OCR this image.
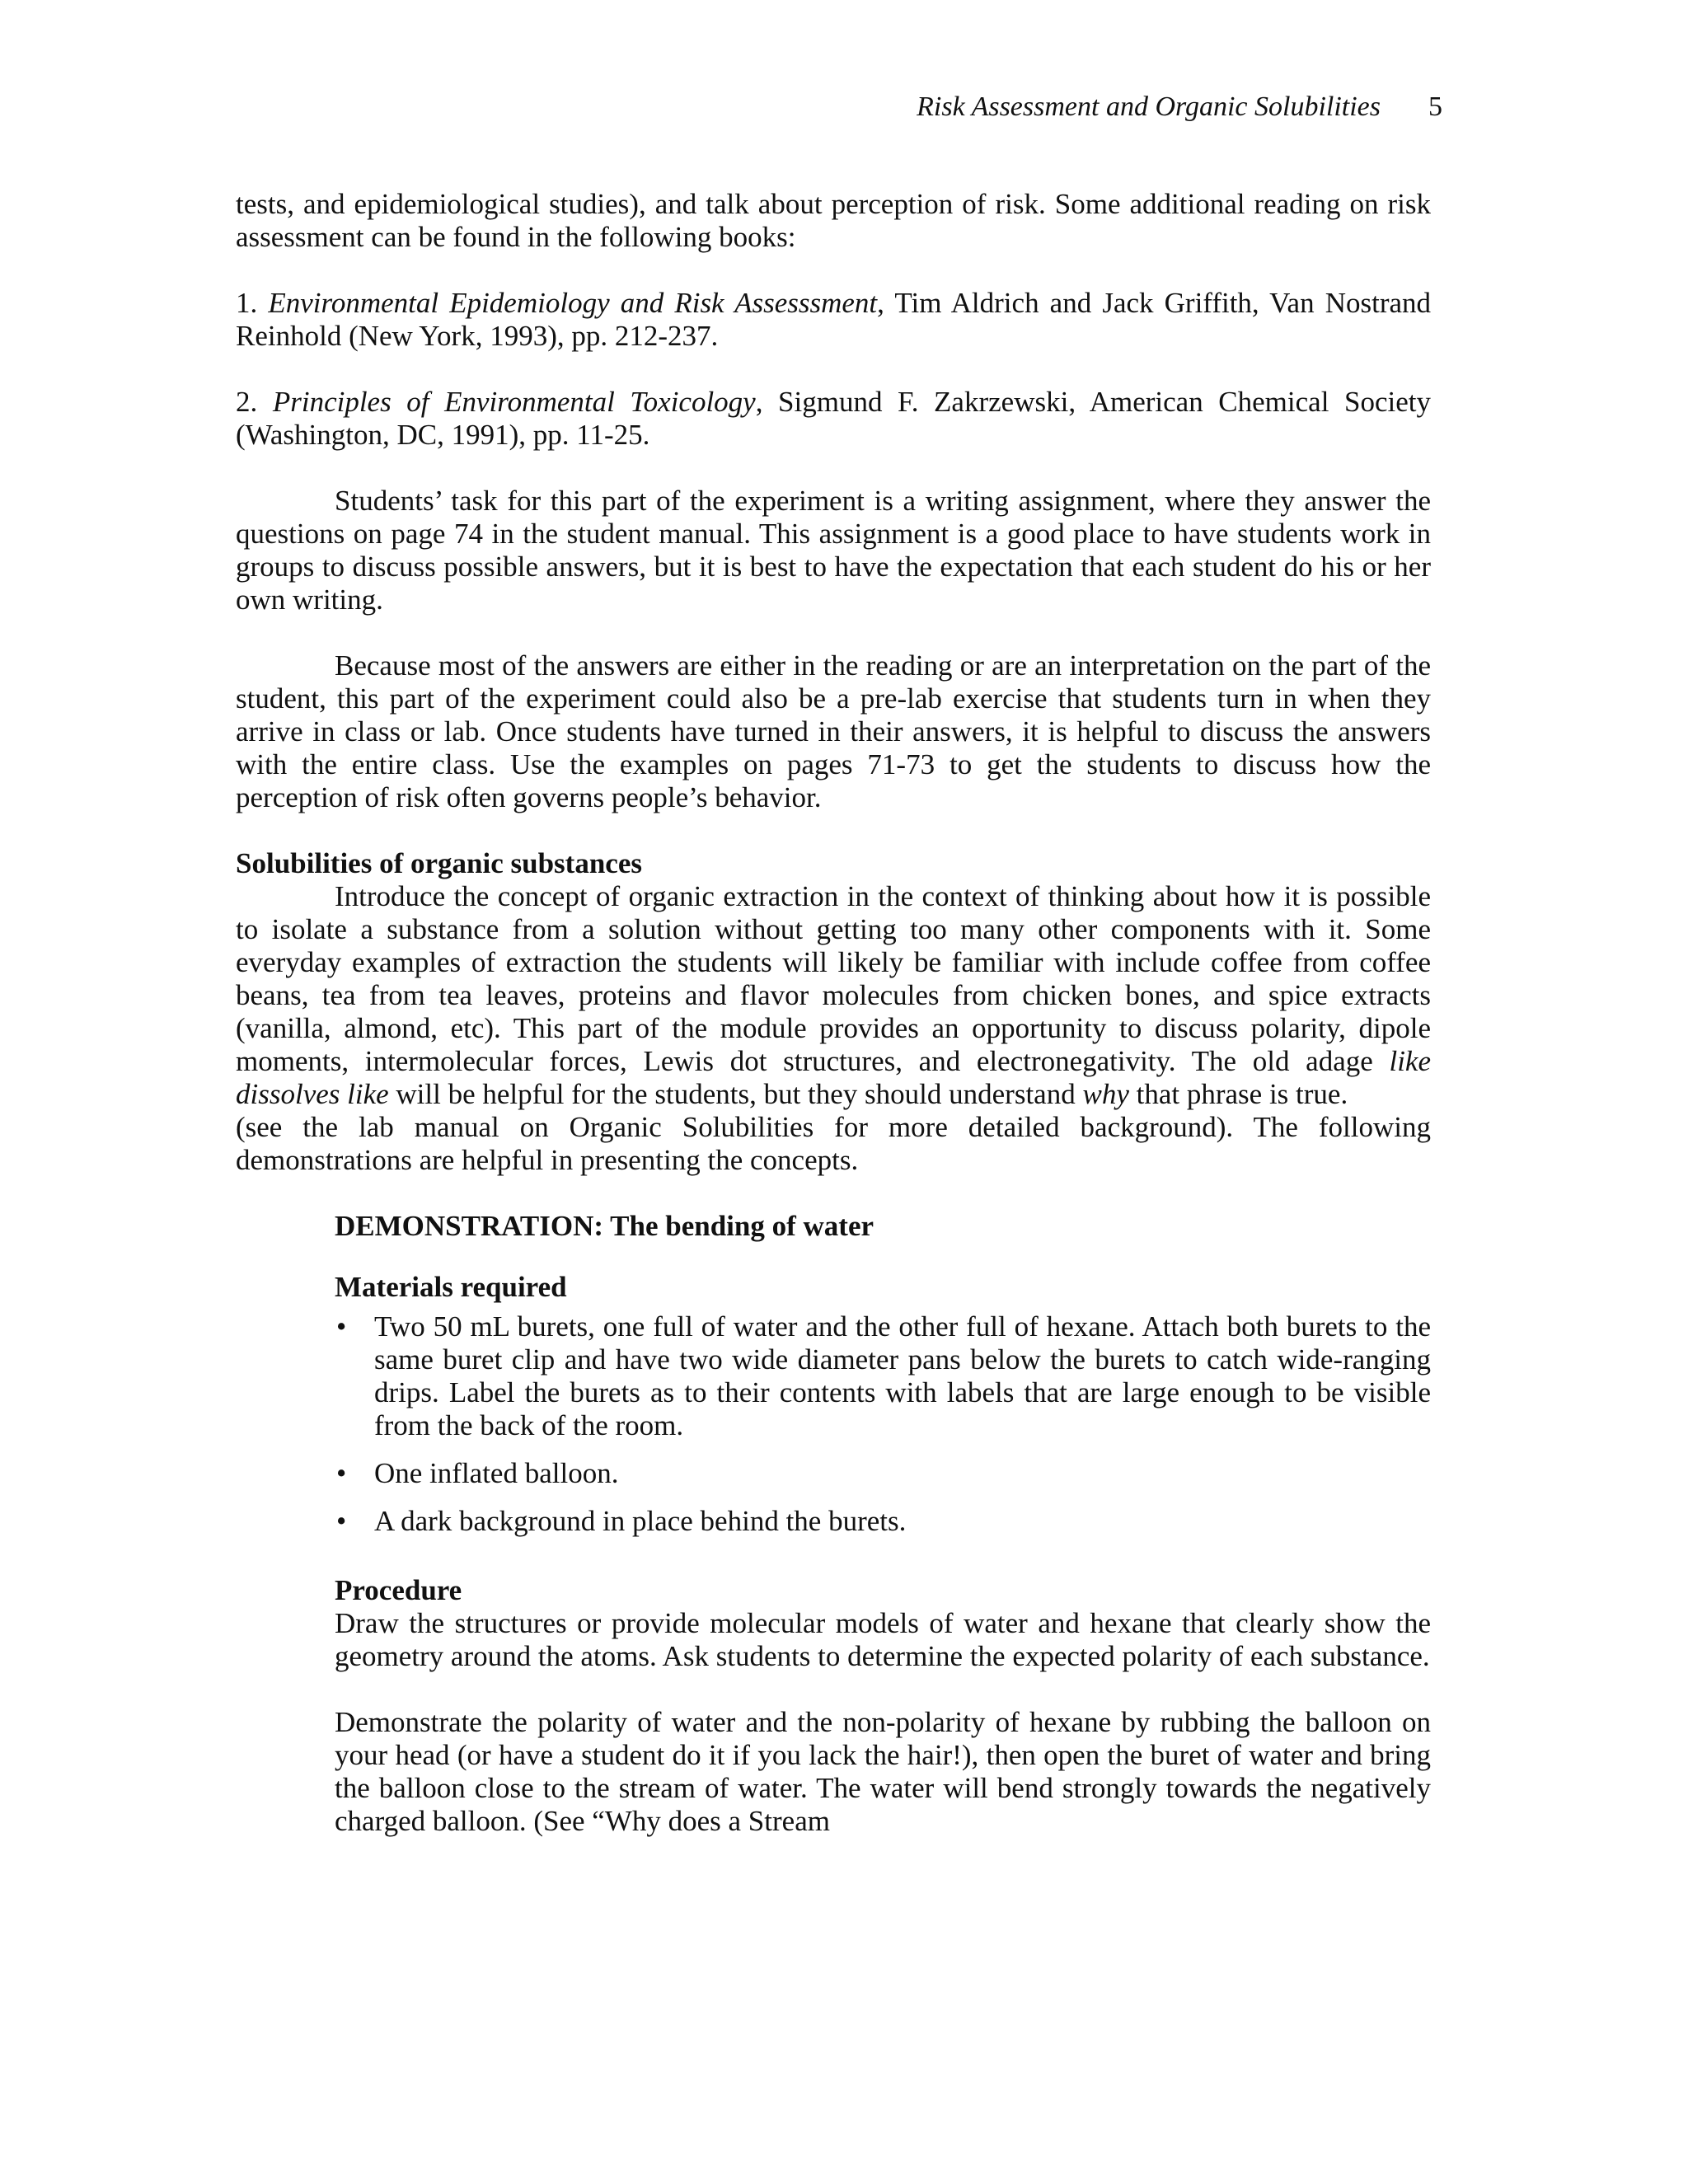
Risk Assessment and Organic Solubilities 5

tests, and epidemiological studies), and talk about perception of risk. Some additional reading on risk assessment can be found in the following books:

1. Environmental Epidemiology and Risk Assesssment, Tim Aldrich and Jack Griffith, Van Nostrand Reinhold (New York, 1993), pp. 212-237.

2. Principles of Environmental Toxicology, Sigmund F. Zakrzewski, American Chemical Society (Washington, DC, 1991), pp. 11-25.

Students’ task for this part of the experiment is a writing assignment, where they answer the questions on page 74 in the student manual. This assignment is a good place to have students work in groups to discuss possible answers, but it is best to have the expectation that each student do his or her own writing.

Because most of the answers are either in the reading or are an interpretation on the part of the student, this part of the experiment could also be a pre-lab exercise that students turn in when they arrive in class or lab. Once students have turned in their answers, it is helpful to discuss the answers with the entire class. Use the examples on pages 71-73 to get the students to discuss how the perception of risk often governs people’s behavior.

Solubilities of organic substances

Introduce the concept of organic extraction in the context of thinking about how it is possible to isolate a substance from a solution without getting too many other components with it. Some everyday examples of extraction the students will likely be familiar with include coffee from coffee beans, tea from tea leaves, proteins and flavor molecules from chicken bones, and spice extracts (vanilla, almond, etc). This part of the module provides an opportunity to discuss polarity, dipole moments, intermolecular forces, Lewis dot structures, and electronegativity. The old adage like dissolves like will be helpful for the students, but they should understand why that phrase is true.

(see the lab manual on Organic Solubilities for more detailed background). The following demonstrations are helpful in presenting the concepts.

DEMONSTRATION: The bending of water

Materials required

• Two 50 mL burets, one full of water and the other full of hexane. Attach both burets to the same buret clip and have two wide diameter pans below the burets to catch wide-ranging drips. Label the burets as to their contents with labels that are large enough to be visible from the back of the room.
• One inflated balloon.
• A dark background in place behind the burets.

Procedure

Draw the structures or provide molecular models of water and hexane that clearly show the geometry around the atoms. Ask students to determine the expected polarity of each substance.

Demonstrate the polarity of water and the non-polarity of hexane by rubbing the balloon on your head (or have a student do it if you lack the hair!), then open the buret of water and bring the balloon close to the stream of water. The water will bend strongly towards the negatively charged balloon. (See “Why does a Stream
